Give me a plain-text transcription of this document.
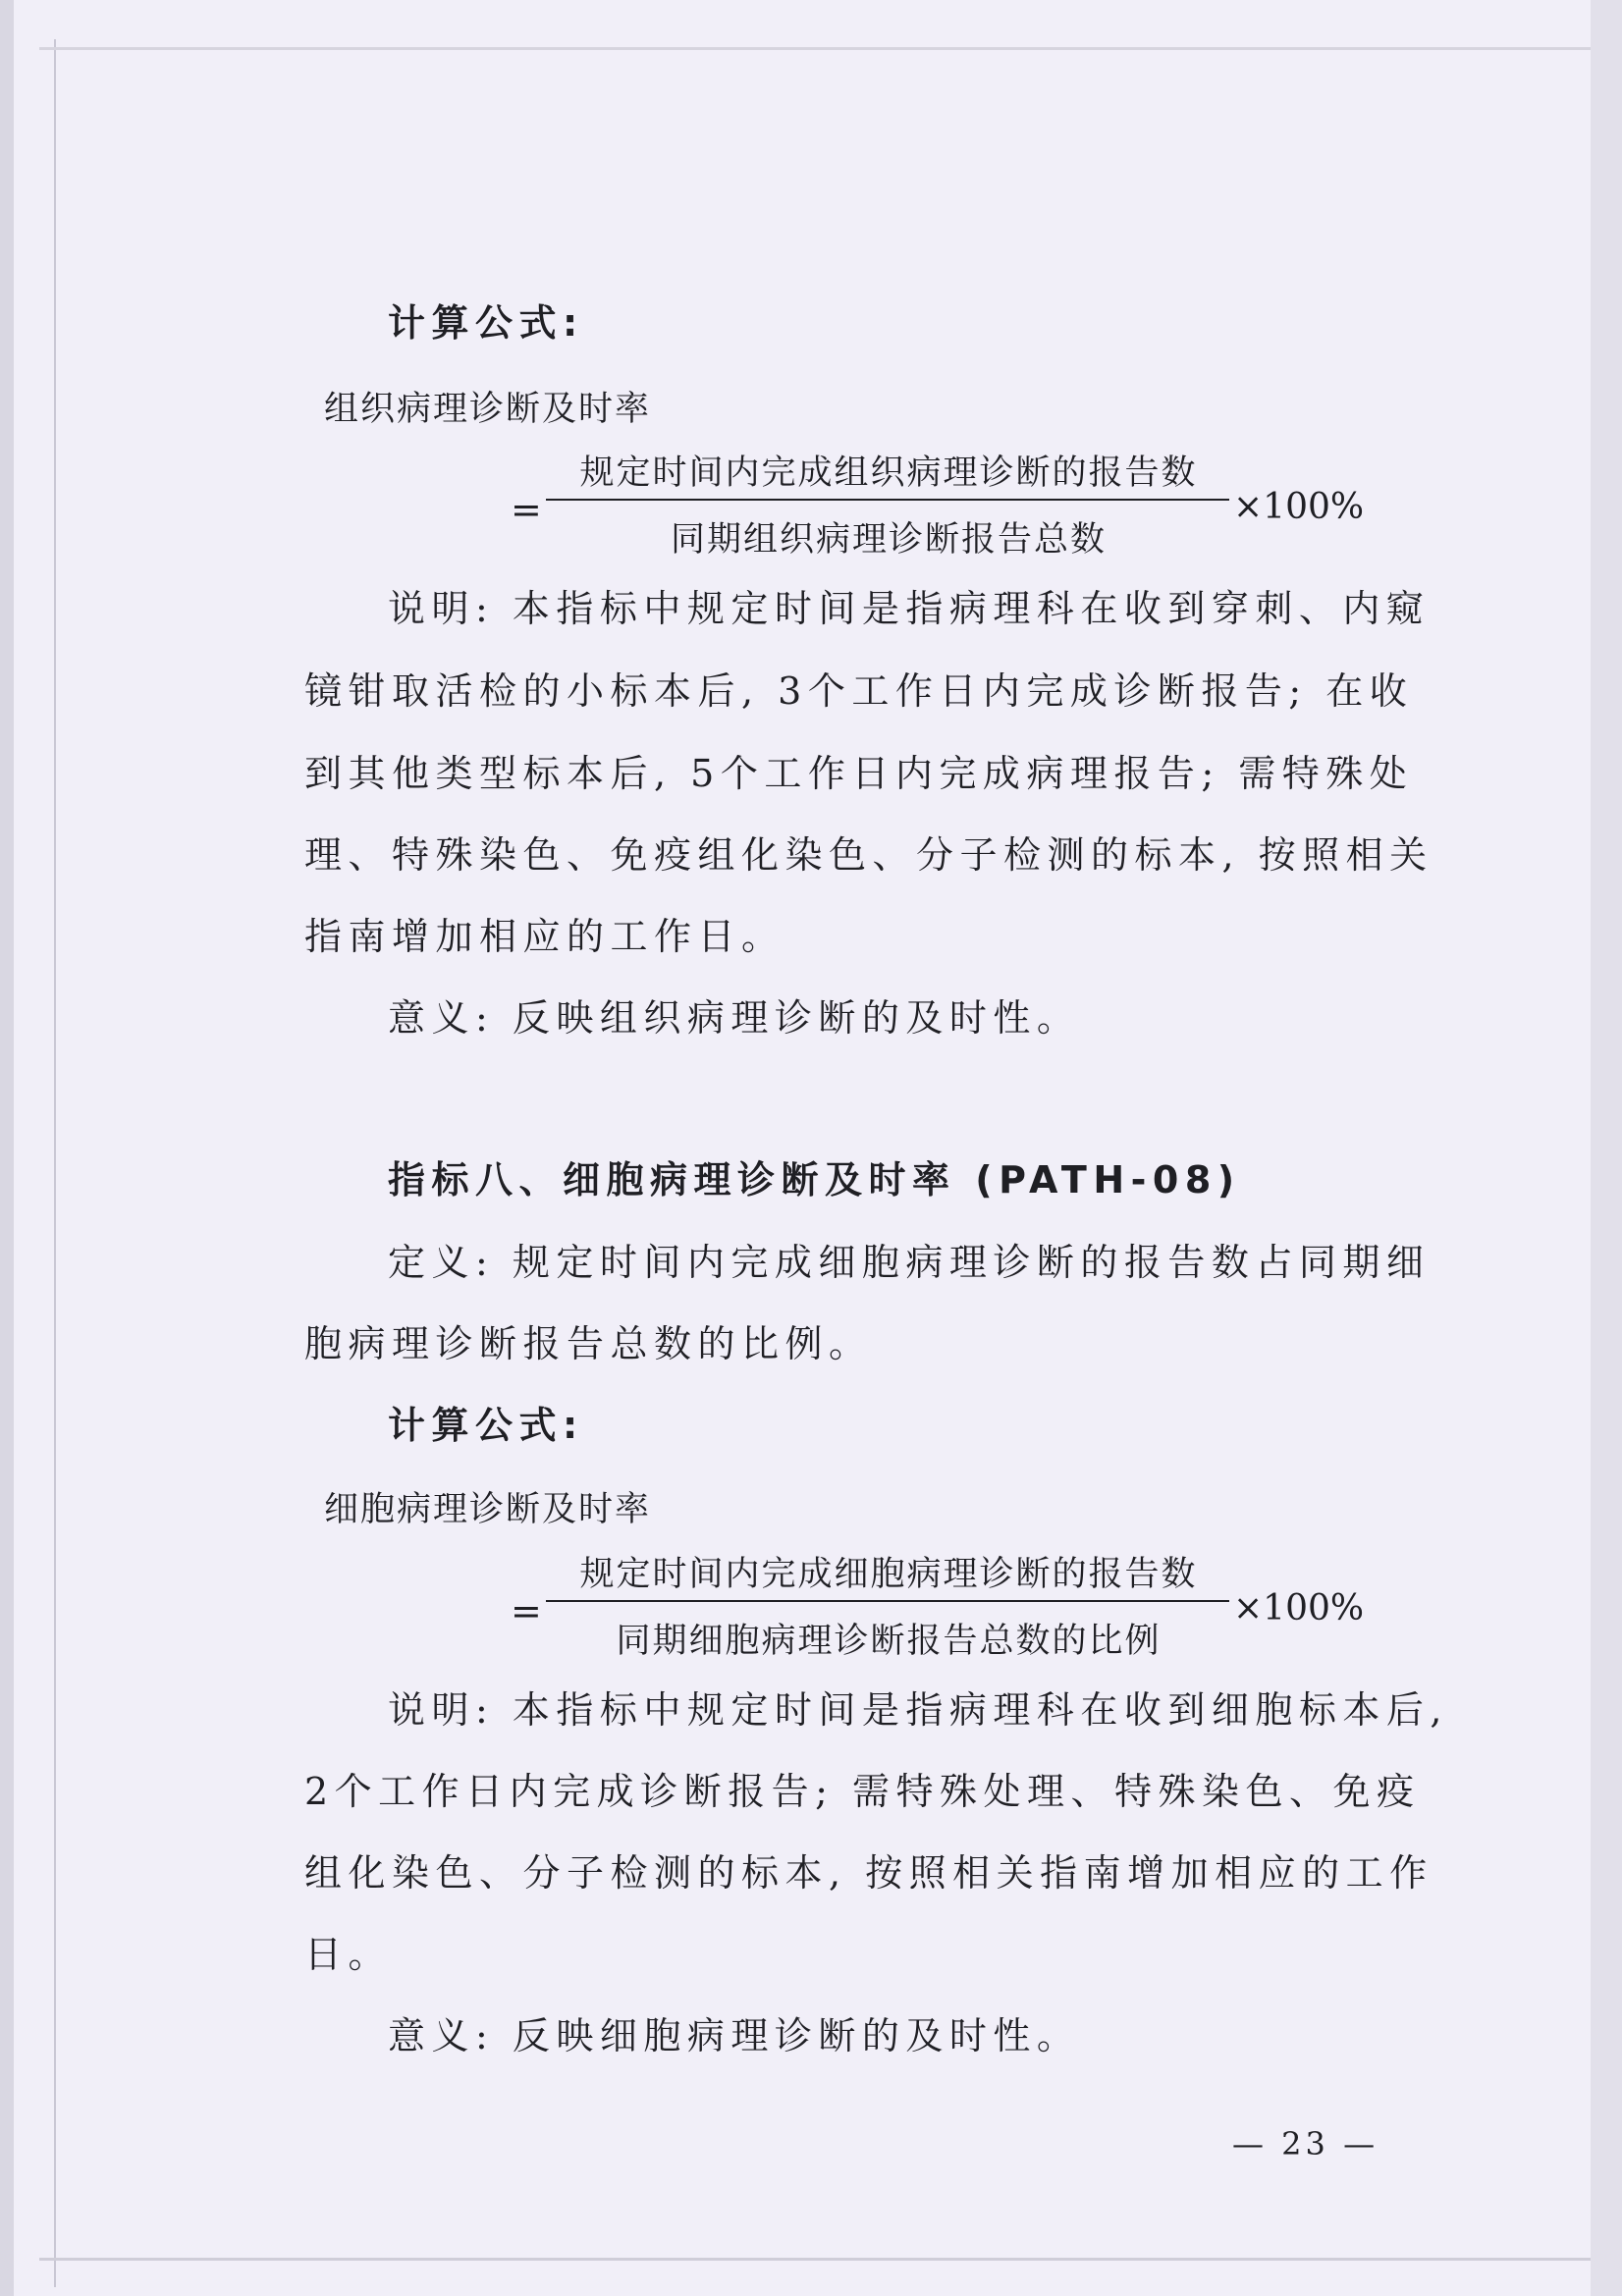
计算公式:
组织病理诊断及时率
=
规定时间内完成组织病理诊断的报告数
同期组织病理诊断报告总数
×100%
说明: 本指标中规定时间是指病理科在收到穿刺、内窥
镜钳取活检的小标本后, 3个工作日内完成诊断报告; 在收
到其他类型标本后, 5个工作日内完成病理报告; 需特殊处
理、特殊染色、免疫组化染色、分子检测的标本, 按照相关
指南增加相应的工作日。
意义: 反映组织病理诊断的及时性。
指标八、细胞病理诊断及时率 (PATH-08)
定义: 规定时间内完成细胞病理诊断的报告数占同期细
胞病理诊断报告总数的比例。
计算公式:
细胞病理诊断及时率
=
规定时间内完成细胞病理诊断的报告数
同期细胞病理诊断报告总数的比例
×100%
说明: 本指标中规定时间是指病理科在收到细胞标本后,
2个工作日内完成诊断报告; 需特殊处理、特殊染色、免疫
组化染色、分子检测的标本, 按照相关指南增加相应的工作
日。
意义: 反映细胞病理诊断的及时性。
— 23 —
